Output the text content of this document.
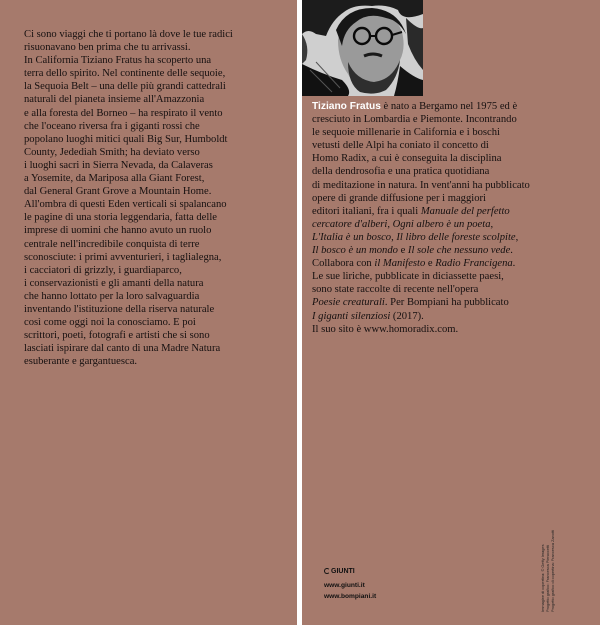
Ci sono viaggi che ti portano là dove le tue radici
risuonavano ben prima che tu arrivassi.
In California Tiziano Fratus ha scoperto una
terra dello spirito. Nel continente delle sequoie,
la Sequoia Belt – una delle più grandi cattedrali
naturali del pianeta insieme all'Amazzonia
e alla foresta del Borneo – ha respirato il vento
che l'oceano riversa fra i giganti rossi che
popolano luoghi mitici quali Big Sur, Humboldt
County, Jedediah Smith; ha deviato verso
i luoghi sacri in Sierra Nevada, da Calaveras
a Yosemite, da Mariposa alla Giant Forest,
dal General Grant Grove a Mountain Home.
All'ombra di questi Eden verticali si spalancano
le pagine di una storia leggendaria, fatta delle
imprese di uomini che hanno avuto un ruolo
centrale nell'incredibile conquista di terre
sconosciute: i primi avventurieri, i taglialegna,
i cacciatori di grizzly, i guardiaparco,
i conservazionisti e gli amanti della natura
che hanno lottato per la loro salvaguardia
inventando l'istituzione della riserva naturale
così come oggi noi la conosciamo. E poi
scrittori, poeti, fotografi e artisti che si sono
lasciati ispirare dal canto di una Madre Natura
esuberante e gargantuesca.
Tiziano Fratus è nato a Bergamo nel 1975 ed è
cresciuto in Lombardia e Piemonte. Incontrando
le sequoie millenarie in California e i boschi
vetusti delle Alpi ha coniato il concetto di
Homo Radix, a cui è conseguita la disciplina
della dendrosofia e una pratica quotidiana
di meditazione in natura. In vent'anni ha pubblicato
opere di grande diffusione per i maggiori
editori italiani, fra i quali Manuale del perfetto
cercatore d'alberi, Ogni albero è un poeta,
L'Italia è un bosco, Il libro delle foreste scolpite,
Il bosco è un mondo e Il sole che nessuno vede.
Collabora con il Manifesto e Radio Francigena.
Le sue liriche, pubblicate in diciassette paesi,
sono state raccolte di recente nell'opera
Poesie creaturali. Per Bompiani ha pubblicato
I giganti silenziosi (2017).
Il suo sito è www.homoradix.com.
GIUNTI
www.giunti.it
www.bompiani.it	Immagine di copertina: © Getty Images Progetto grafico: Francesca Pieruccetti Progetto grafico di copertina: Francesca Zanotti
